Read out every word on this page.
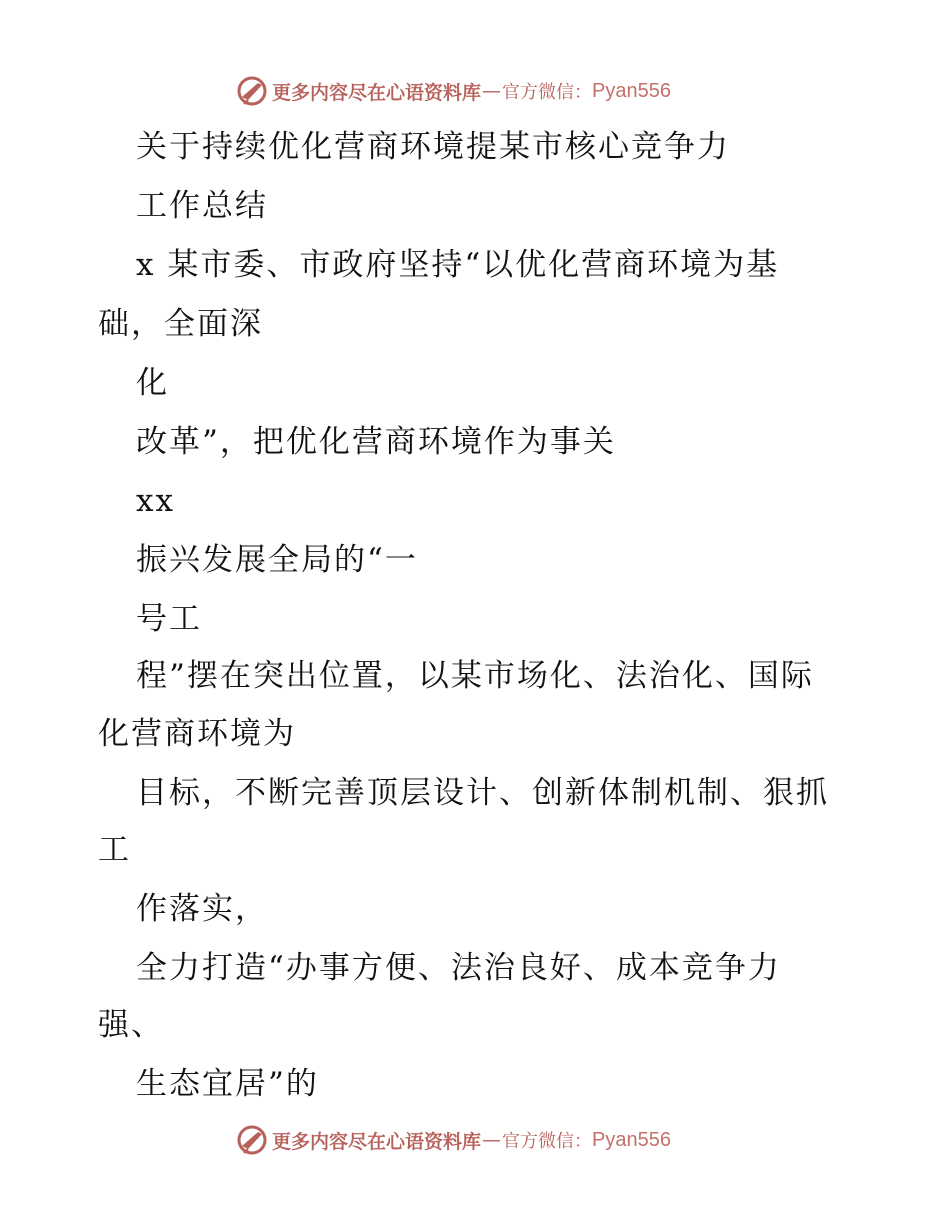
更多内容尽在心语资料库 — 官方微信： Pyan556
关于持续优化营商环境提某市核心竞争力
工作总结
x 某市委、市政府坚持“以优化营商环境为基
础，全面深
化
改革”，把优化营商环境作为事关
xx
振兴发展全局的“一
号工
程”摆在突出位置，以某市场化、法治化、国际
化营商环境为
目标，不断完善顶层设计、创新体制机制、狠抓
工
作落实，
全力打造“办事方便、法治良好、成本竞争力
强、
生态宜居”的
更多内容尽在心语资料库 — 官方微信： Pyan556
